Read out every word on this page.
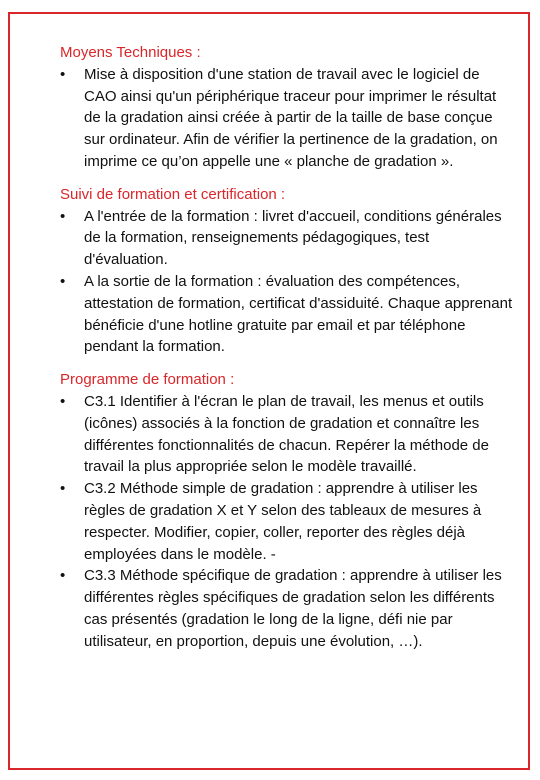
Moyens Techniques :
• Mise à disposition d'une station de travail avec le logiciel de CAO ainsi qu'un périphérique traceur pour imprimer le résultat de la gradation ainsi créée à partir de la taille de base conçue sur ordinateur. Afin de vérifier la pertinence de la gradation, on imprime ce qu’on appelle une « planche de gradation ».
Suivi de formation et certification :
• A l'entrée de la formation : livret d'accueil, conditions générales de la formation, renseignements pédagogiques, test d'évaluation.
• A la sortie de la formation : évaluation des compétences, attestation de formation, certificat d'assiduité. Chaque apprenant bénéficie d'une hotline gratuite par email et par téléphone pendant la formation.
Programme de formation :
• C3.1 Identifier à l'écran le plan de travail, les menus et outils (icônes) associés à la fonction de gradation et connaître les différentes fonctionnalités de chacun. Repérer la méthode de travail la plus appropriée selon le modèle travaillé.
• C3.2 Méthode simple de gradation : apprendre à utiliser les règles de gradation X et Y selon des tableaux de mesures à respecter. Modifier, copier, coller, reporter des règles déjà employées dans le modèle. -
• C3.3 Méthode spécifique de gradation : apprendre à utiliser les différentes règles spécifiques de gradation selon les différents cas présentés (gradation le long de la ligne, défi nie par utilisateur, en proportion, depuis une évolution, …).
